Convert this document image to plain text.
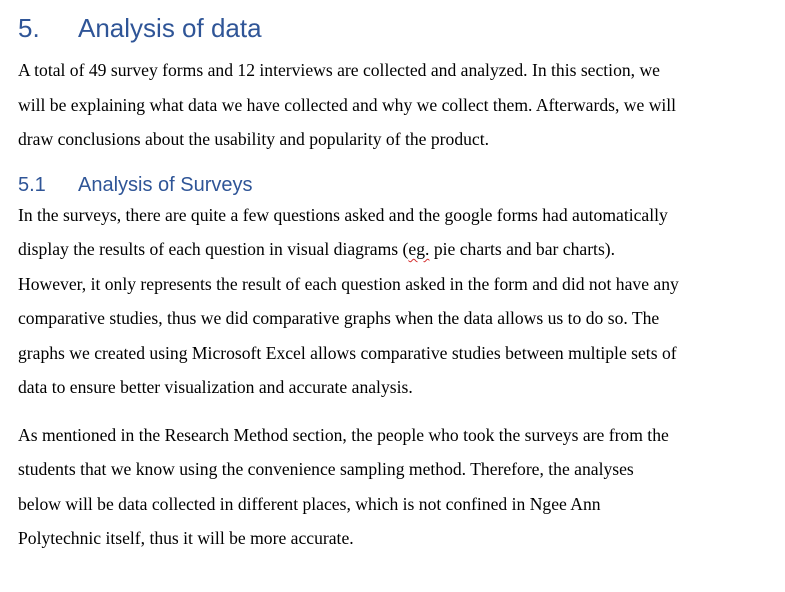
5. Analysis of data

A total of 49 survey forms and 12 interviews are collected and analyzed. In this section, we
will be explaining what data we have collected and why we collect them. Afterwards, we will
draw conclusions about the usability and popularity of the product.

5.1 Analysis of Surveys

In the surveys, there are quite a few questions asked and the google forms had automatically
display the results of each question in visual diagrams (eg. pie charts and bar charts).
However, it only represents the result of each question asked in the form and did not have any
comparative studies, thus we did comparative graphs when the data allows us to do so. The
graphs we created using Microsoft Excel allows comparative studies between multiple sets of
data to ensure better visualization and accurate analysis.

As mentioned in the Research Method section, the people who took the surveys are from the
students that we know using the convenience sampling method. Therefore, the analyses
below will be data collected in different places, which is not confined in Ngee Ann
Polytechnic itself, thus it will be more accurate.
